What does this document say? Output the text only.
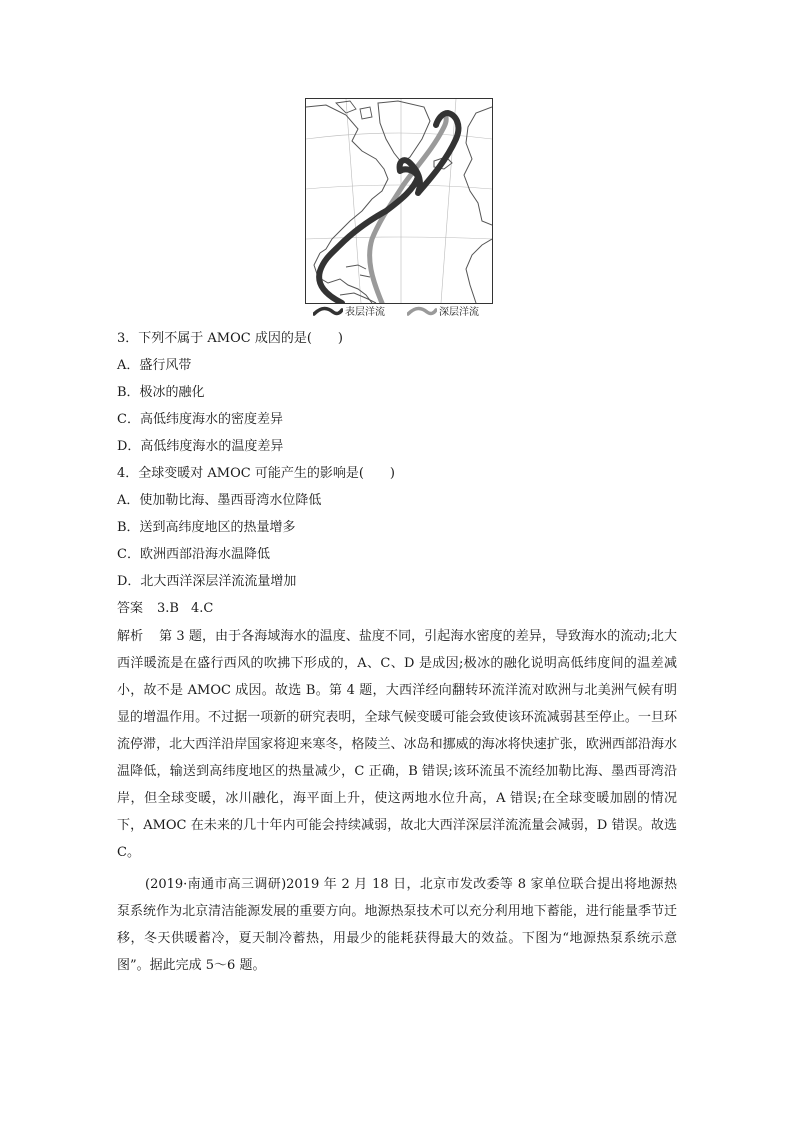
表层洋流	深层洋流
3．下列不属于 AMOC 成因的是(　　)
A．盛行风带
B．极冰的融化
C．高低纬度海水的密度差异
D．高低纬度海水的温度差异
4．全球变暖对 AMOC 可能产生的影响是(　　)
A．使加勒比海、墨西哥湾水位降低
B．送到高纬度地区的热量增多
C．欧洲西部沿海水温降低
D．北大西洋深层洋流流量增加
答案 3.B 4.C
解析 第 3 题，由于各海域海水的温度、盐度不同，引起海水密度的差异，导致海水的流动;北大西洋暖流是在盛行西风的吹拂下形成的，A、C、D 是成因;极冰的融化说明高低纬度间的温差减小，故不是 AMOC 成因。故选 B。第 4 题，大西洋经向翻转环流洋流对欧洲与北美洲气候有明显的增温作用。不过据一项新的研究表明，全球气候变暖可能会致使该环流减弱甚至停止。一旦环流停滞，北大西洋沿岸国家将迎来寒冬，格陵兰、冰岛和挪威的海冰将快速扩张，欧洲西部沿海水温降低，输送到高纬度地区的热量减少，C 正确，B 错误;该环流虽不流经加勒比海、墨西哥湾沿岸，但全球变暖，冰川融化，海平面上升，使这两地水位升高，A 错误;在全球变暖加剧的情况下，AMOC 在未来的几十年内可能会持续减弱，故北大西洋深层洋流流量会减弱，D 错误。故选 C。
(2019·南通市高三调研)2019 年 2 月 18 日，北京市发改委等 8 家单位联合提出将地源热泵系统作为北京清洁能源发展的重要方向。地源热泵技术可以充分利用地下蓄能，进行能量季节迁移，冬天供暖蓄冷，夏天制冷蓄热，用最少的能耗获得最大的效益。下图为“地源热泵系统示意图”。据此完成 5～6 题。
